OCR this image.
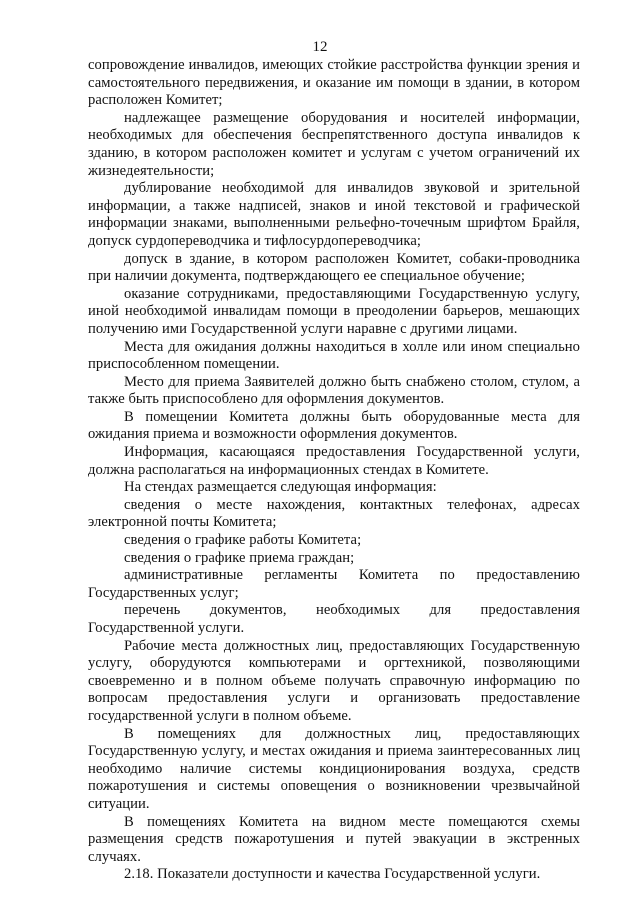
12

сопровождение инвалидов, имеющих стойкие расстройства функции зрения и самостоятельного передвижения, и оказание им помощи в здании, в котором расположен Комитет;

надлежащее размещение оборудования и носителей информации, необходимых для обеспечения беспрепятственного доступа инвалидов к зданию, в котором расположен комитет и услугам с учетом ограничений их жизнедеятельности;

дублирование необходимой для инвалидов звуковой и зрительной информации, а также надписей, знаков и иной текстовой и графической информации знаками, выполненными рельефно-точечным шрифтом Брайля, допуск сурдопереводчика и тифлосурдопереводчика;

допуск в здание, в котором расположен Комитет, собаки-проводника при наличии документа, подтверждающего ее специальное обучение;

оказание сотрудниками, предоставляющими Государственную услугу, иной необходимой инвалидам помощи в преодолении барьеров, мешающих получению ими Государственной услуги наравне с другими лицами.

Места для ожидания должны находиться в холле или ином специально приспособленном помещении.

Место для приема Заявителей должно быть снабжено столом, стулом, а также быть приспособлено для оформления документов.

В помещении Комитета должны быть оборудованные места для ожидания приема и возможности оформления документов.

Информация, касающаяся предоставления Государственной услуги, должна располагаться на информационных стендах в Комитете.

На стендах размещается следующая информация:

сведения о месте нахождения, контактных телефонах, адресах электронной почты Комитета;

сведения о графике работы Комитета;

сведения о графике приема граждан;

административные регламенты Комитета по предоставлению Государственных услуг;

перечень документов, необходимых для предоставления Государственной услуги.

Рабочие места должностных лиц, предоставляющих Государственную услугу, оборудуются компьютерами и оргтехникой, позволяющими своевременно и в полном объеме получать справочную информацию по вопросам предоставления услуги и организовать предоставление государственной услуги в полном объеме.

В помещениях для должностных лиц, предоставляющих Государственную услугу, и местах ожидания и приема заинтересованных лиц необходимо наличие системы кондиционирования воздуха, средств пожаротушения и системы оповещения о возникновении чрезвычайной ситуации.

В помещениях Комитета на видном месте помещаются схемы размещения средств пожаротушения и путей эвакуации в экстренных случаях.

2.18. Показатели доступности и качества Государственной услуги.
